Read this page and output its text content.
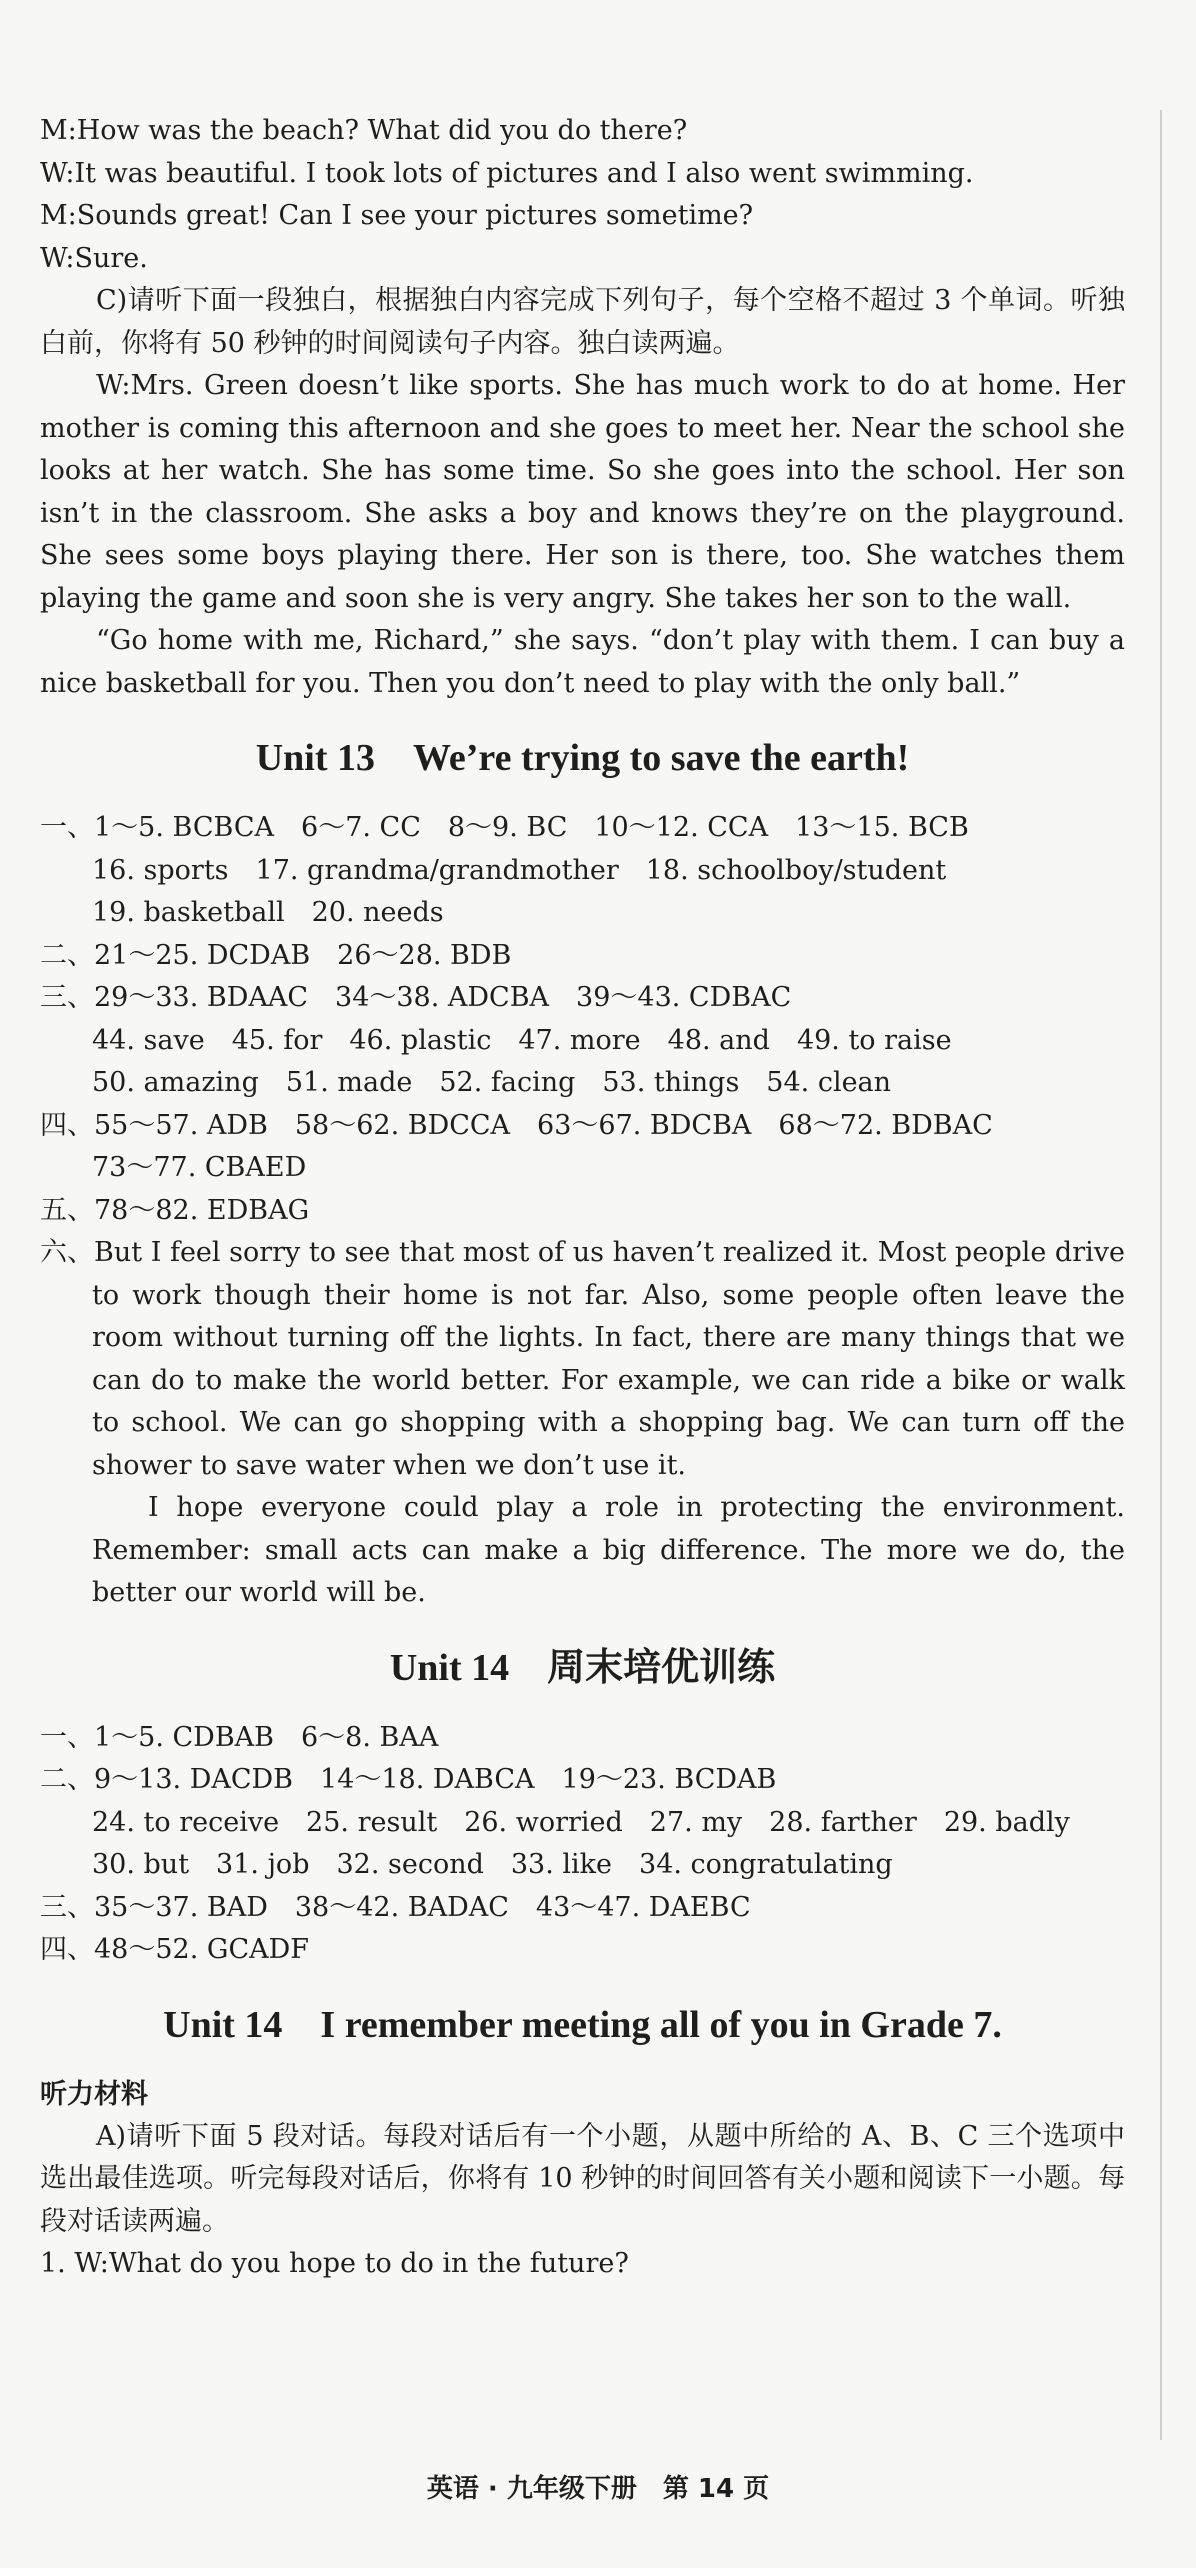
M:How was the beach? What did you do there?
W:It was beautiful. I took lots of pictures and I also went swimming.
M:Sounds great! Can I see your pictures sometime?
W:Sure.
C)请听下面一段独白，根据独白内容完成下列句子，每个空格不超过 3 个单词。听独白前，你将有 50 秒钟的时间阅读句子内容。独白读两遍。
W:Mrs. Green doesn’t like sports. She has much work to do at home. Her mother is coming this afternoon and she goes to meet her. Near the school she looks at her watch. She has some time. So she goes into the school. Her son isn’t in the classroom. She asks a boy and knows they’re on the playground. She sees some boys playing there. Her son is there, too. She watches them playing the game and soon she is very angry. She takes her son to the wall.
“Go home with me, Richard,” she says. “don’t play with them. I can buy a nice basketball for you. Then you don’t need to play with the only ball.”
Unit 13　We’re trying to save the earth!
一、1～5. BCBCA　6～7. CC　8～9. BC　10～12. CCA　13～15. BCB
16. sports　17. grandma/grandmother　18. schoolboy/student
19. basketball　20. needs
二、21～25. DCDAB　26～28. BDB
三、29～33. BDAAC　34～38. ADCBA　39～43. CDBAC
44. save　45. for　46. plastic　47. more　48. and　49. to raise
50. amazing　51. made　52. facing　53. things　54. clean
四、55～57. ADB　58～62. BDCCA　63～67. BDCBA　68～72. BDBAC
73～77. CBAED
五、78～82. EDBAG
六、But I feel sorry to see that most of us haven’t realized it. Most people drive to work though their home is not far. Also, some people often leave the room without turning off the lights. In fact, there are many things that we can do to make the world better. For example, we can ride a bike or walk to school. We can go shopping with a shopping bag. We can turn off the shower to save water when we don’t use it.
I hope everyone could play a role in protecting the environment. Remember: small acts can make a big difference. The more we do, the better our world will be.
Unit 14　周末培优训练
一、1～5. CDBAB　6～8. BAA
二、9～13. DACDB　14～18. DABCA　19～23. BCDAB
24. to receive　25. result　26. worried　27. my　28. farther　29. badly
30. but　31. job　32. second　33. like　34. congratulating
三、35～37. BAD　38～42. BADAC　43～47. DAEBC
四、48～52. GCADF
Unit 14　I remember meeting all of you in Grade 7.
听力材料
A)请听下面 5 段对话。每段对话后有一个小题，从题中所给的 A、B、C 三个选项中选出最佳选项。听完每段对话后，你将有 10 秒钟的时间回答有关小题和阅读下一小题。每段对话读两遍。
1. W:What do you hope to do in the future?
英语 · 九年级下册　第 14 页
